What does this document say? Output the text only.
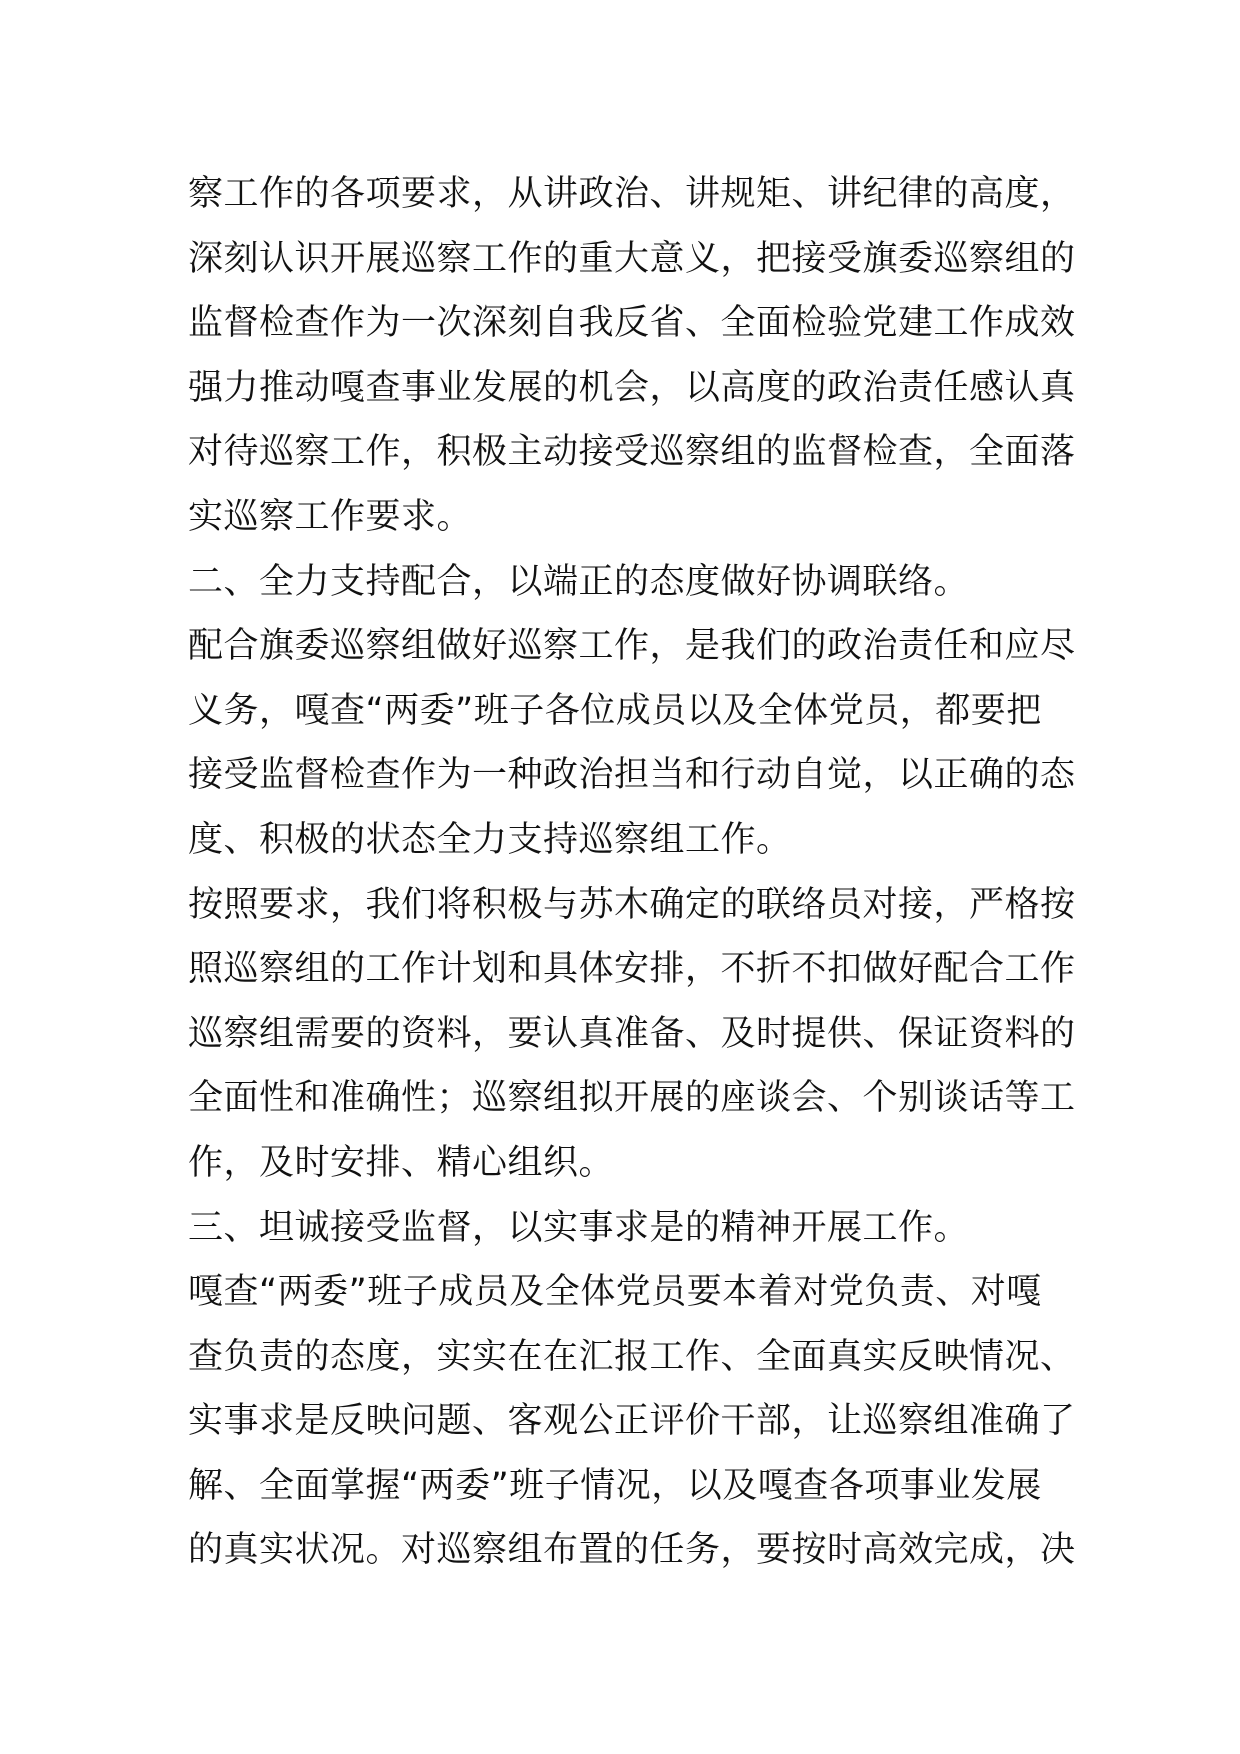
察工作的各项要求，从讲政治、讲规矩、讲纪律的高度，
深刻认识开展巡察工作的重大意义，把接受旗委巡察组的
监督检查作为一次深刻自我反省、全面检验党建工作成效
强力推动嘎查事业发展的机会，以高度的政治责任感认真
对待巡察工作，积极主动接受巡察组的监督检查，全面落
实巡察工作要求。
二、全力支持配合，以端正的态度做好协调联络。
配合旗委巡察组做好巡察工作，是我们的政治责任和应尽
义务，嘎查“两委”班子各位成员以及全体党员，都要把
接受监督检查作为一种政治担当和行动自觉，以正确的态
度、积极的状态全力支持巡察组工作。
按照要求，我们将积极与苏木确定的联络员对接，严格按
照巡察组的工作计划和具体安排，不折不扣做好配合工作
巡察组需要的资料，要认真准备、及时提供、保证资料的
全面性和准确性；巡察组拟开展的座谈会、个别谈话等工
作，及时安排、精心组织。
三、坦诚接受监督，以实事求是的精神开展工作。
嘎查“两委”班子成员及全体党员要本着对党负责、对嘎
查负责的态度，实实在在汇报工作、全面真实反映情况、
实事求是反映问题、客观公正评价干部，让巡察组准确了
解、全面掌握“两委”班子情况，以及嘎查各项事业发展
的真实状况。对巡察组布置的任务，要按时高效完成，决
